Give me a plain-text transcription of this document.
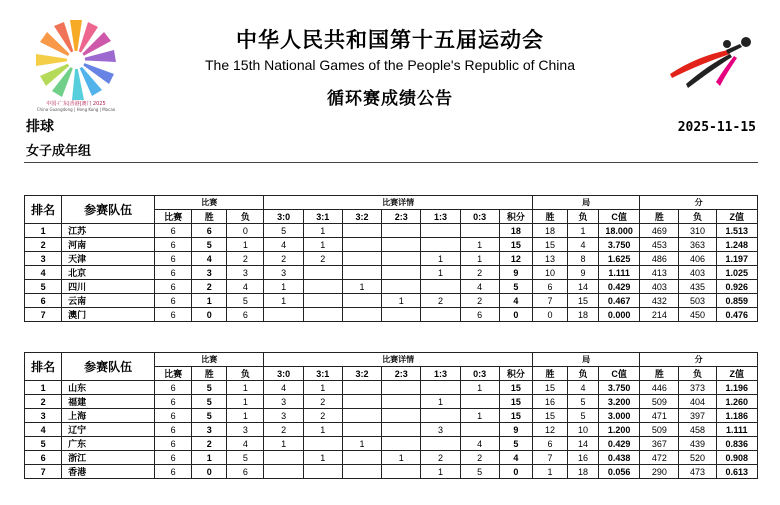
中国·广东|香港|澳门 2025
China Guangdong | Hong Kong | Macao
中华人民共和国第十五届运动会
The 15th National Games of the People's Republic of China
循环赛成绩公告
排球	2025-11-15
女子成年组
排名	参赛队伍	比赛			比赛详情							局			分		
		比赛	胜	负	3:0	3:1	3:2	2:3	1:3	0:3	积分	胜	负	C值	胜	负	Z值
1	江苏	6	6	0	5	1					18	18	1	18.000	469	310	1.513
2	河南	6	5	1	4	1				1	15	15	4	3.750	453	363	1.248
3	天津	6	4	2	2	2			1	1	12	13	8	1.625	486	406	1.197
4	北京	6	3	3	3				1	2	9	10	9	1.111	413	403	1.025
5	四川	6	2	4	1		1			4	5	6	14	0.429	403	435	0.926
6	云南	6	1	5	1			1	2	2	4	7	15	0.467	432	503	0.859
7	澳门	6	0	6						6	0	0	18	0.000	214	450	0.476
排名	参赛队伍	比赛			比赛详情							局			分		
		比赛	胜	负	3:0	3:1	3:2	2:3	1:3	0:3	积分	胜	负	C值	胜	负	Z值
1	山东	6	5	1	4	1				1	15	15	4	3.750	446	373	1.196
2	福建	6	5	1	3	2			1		15	16	5	3.200	509	404	1.260
3	上海	6	5	1	3	2				1	15	15	5	3.000	471	397	1.186
4	辽宁	6	3	3	2	1			3		9	12	10	1.200	509	458	1.111
5	广东	6	2	4	1		1			4	5	6	14	0.429	367	439	0.836
6	浙江	6	1	5		1		1	2	2	4	7	16	0.438	472	520	0.908
7	香港	6	0	6					1	5	0	1	18	0.056	290	473	0.613
